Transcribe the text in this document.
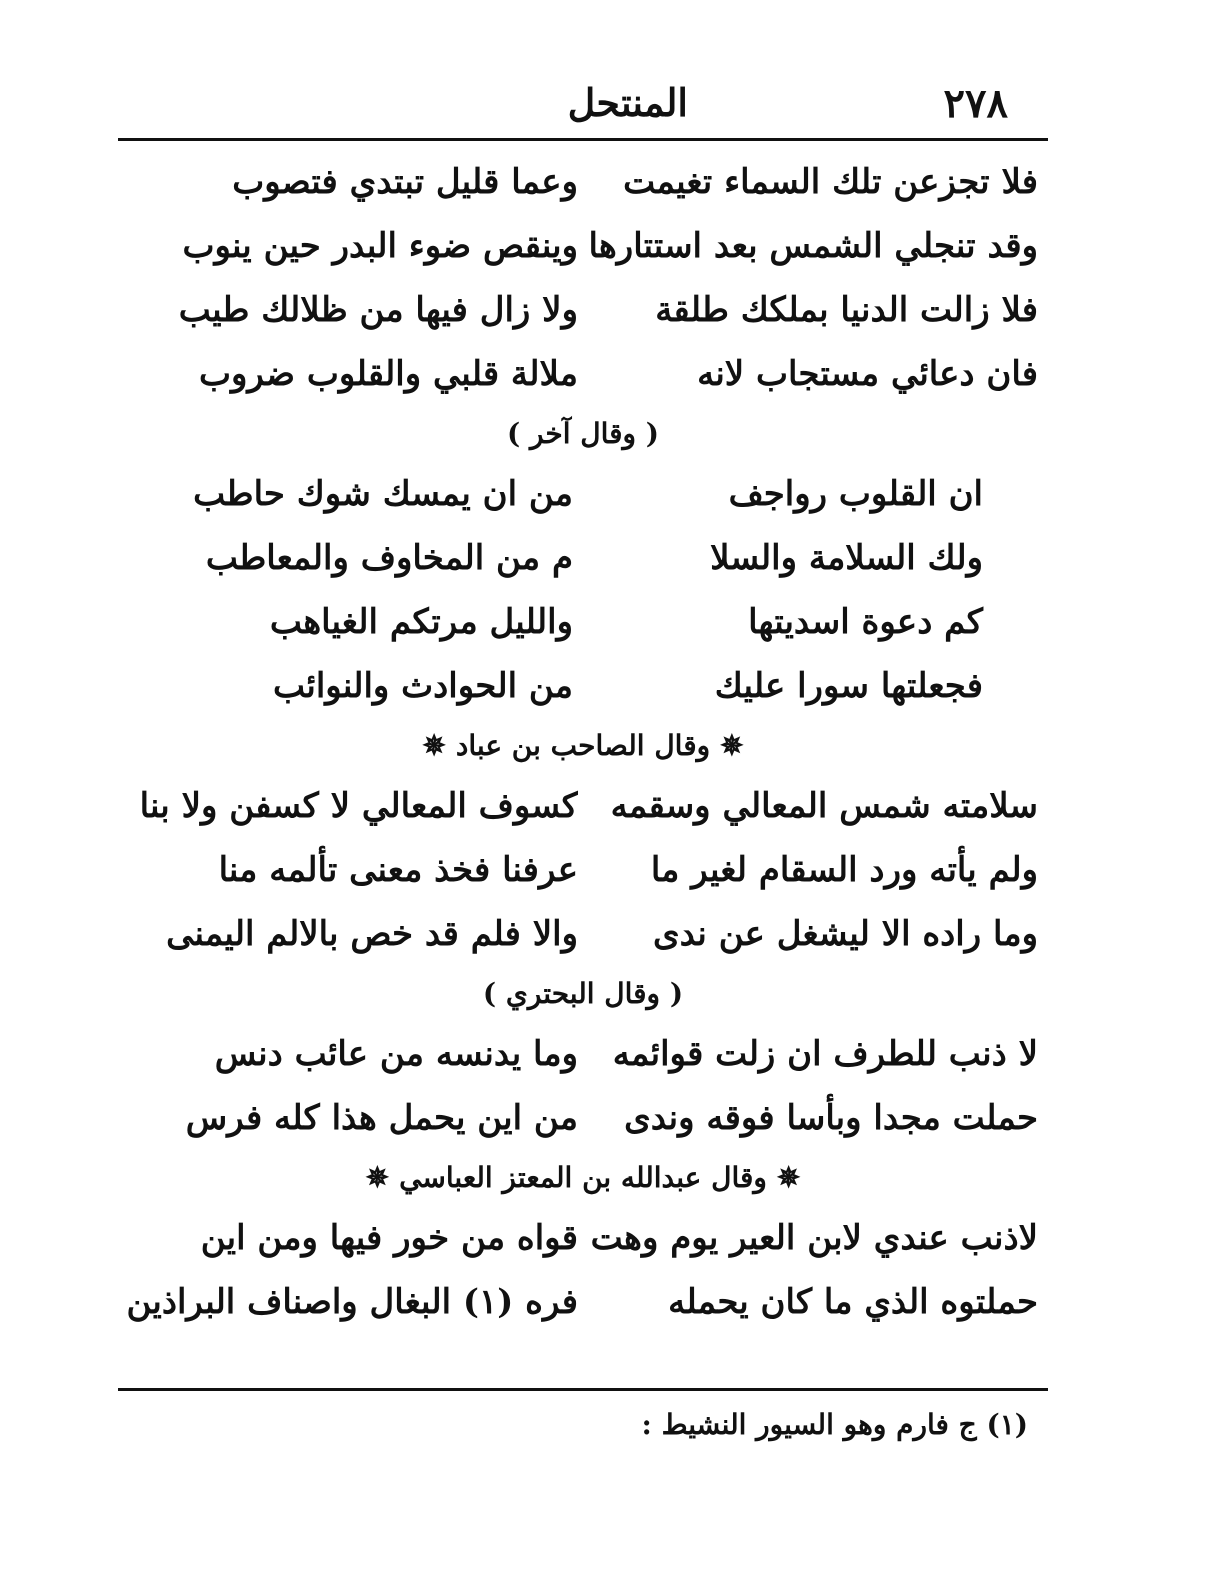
٢٧٨
المنتحل
فلا تجزعن تلك السماء تغيمت
وعما قليل تبتدي فتصوب
وقد تنجلي الشمس بعد استتارها
وينقص ضوء البدر حين ينوب
فلا زالت الدنيا بملكك طلقة
ولا زال فيها من ظلالك طيب
فان دعائي مستجاب لانه
ملالة قلبي والقلوب ضروب
( وقال آخر )
ان القلوب رواجف
من ان يمسك شوك حاطب
ولك السلامة والسلا
م من المخاوف والمعاطب
كم دعوة اسديتها
والليل مرتكم الغياهب
فجعلتها سورا عليك
من الحوادث والنوائب
✵وقال الصاحب بن عباد✵
سلامته شمس المعالي وسقمه
كسوف المعالي لا كسفن ولا بنا
ولم يأته ورد السقام لغير ما
عرفنا فخذ معنى تألمه منا
وما راده الا ليشغل عن ندى
والا فلم قد خص بالالم اليمنى
( وقال البحتري )
لا ذنب للطرف ان زلت قوائمه
وما يدنسه من عائب دنس
حملت مجدا وبأسا فوقه وندى
من اين يحمل هذا كله فرس
✵وقال عبدالله بن المعتز العباسي✵
لاذنب عندي لابن العير يوم وهت
قواه من خور فيها ومن اين
حملتوه الذي ما كان يحمله
فره (١) البغال واصناف البراذين
(١) ج فارم وهو السيور النشيط :
